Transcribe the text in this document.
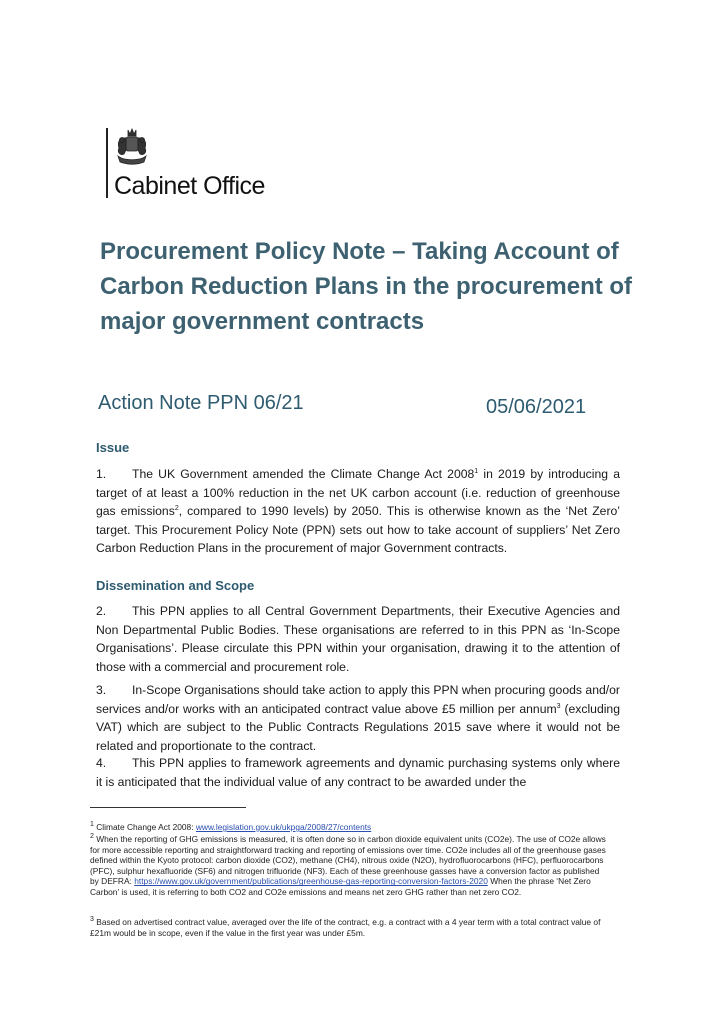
Cabinet Office
Procurement Policy Note – Taking Account of Carbon Reduction Plans in the procurement of major government contracts
Action Note PPN 06/21	05/06/2021
Issue

1. The UK Government amended the Climate Change Act 2008$^1$ in 2019 by introducing a target of at least a 100% reduction in the net UK carbon account (i.e. reduction of greenhouse gas emissions$^2$, compared to 1990 levels) by 2050. This is otherwise known as the ‘Net Zero’ target. This Procurement Policy Note (PPN) sets out how to take account of suppliers’ Net Zero Carbon Reduction Plans in the procurement of major Government contracts.

Dissemination and Scope

2. This PPN applies to all Central Government Departments, their Executive Agencies and Non Departmental Public Bodies. These organisations are referred to in this PPN as ‘In-Scope Organisations’. Please circulate this PPN within your organisation, drawing it to the attention of those with a commercial and procurement role.

3. In-Scope Organisations should take action to apply this PPN when procuring goods and/or services and/or works with an anticipated contract value above £5 million per annum$^3$ (excluding VAT) which are subject to the Public Contracts Regulations 2015 save where it would not be related and proportionate to the contract.

4. This PPN applies to framework agreements and dynamic purchasing systems only where it is anticipated that the individual value of any contract to be awarded under the

$^1$ Climate Change Act 2008: www.legislation.gov.uk/ukpga/2008/27/contents

$^2$ When the reporting of GHG emissions is measured, it is often done so in carbon dioxide equivalent units (CO2e). The use of CO2e allows for more accessible reporting and straightforward tracking and reporting of emissions over time. CO2e includes all of the greenhouse gases defined within the Kyoto protocol: carbon dioxide (CO2), methane (CH4), nitrous oxide (N2O), hydrofluorocarbons (HFC), perfluorocarbons (PFC), sulphur hexafluoride (SF6) and nitrogen trifluoride (NF3). Each of these greenhouse gasses have a conversion factor as published by DEFRA: https://www.gov.uk/government/publications/greenhouse-gas-reporting-conversion-factors-2020 When the phrase ‘Net Zero Carbon’ is used, it is referring to both CO2 and CO2e emissions and means net zero GHG rather than net zero CO2.

$^3$ Based on advertised contract value, averaged over the life of the contract, e.g. a contract with a 4 year term with a total contract value of £21m would be in scope, even if the value in the first year was under £5m.
